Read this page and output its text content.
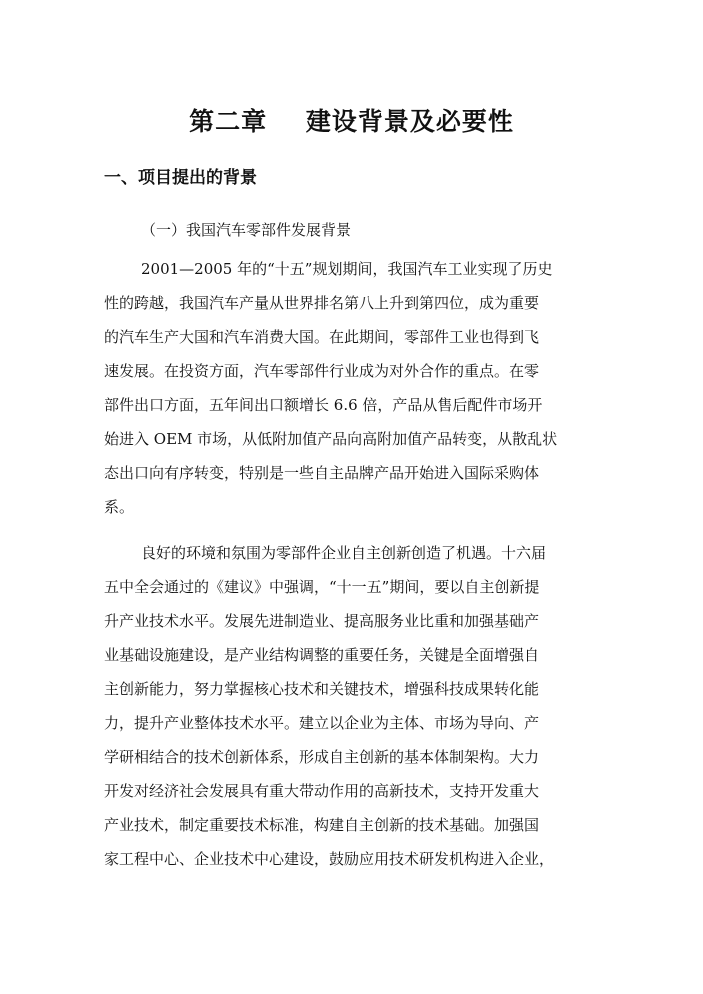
第二章    建设背景及必要性
一、项目提出的背景
（一）我国汽车零部件发展背景
2001—2005 年的“十五”规划期间，我国汽车工业实现了历史
性的跨越，我国汽车产量从世界排名第八上升到第四位，成为重要
的汽车生产大国和汽车消费大国。在此期间，零部件工业也得到飞
速发展。在投资方面，汽车零部件行业成为对外合作的重点。在零
部件出口方面，五年间出口额增长 6.6 倍，产品从售后配件市场开
始进入 OEM 市场，从低附加值产品向高附加值产品转变，从散乱状
态出口向有序转变，特别是一些自主品牌产品开始进入国际采购体
系。
良好的环境和氛围为零部件企业自主创新创造了机遇。十六届
五中全会通过的《建议》中强调，“十一五”期间，要以自主创新提
升产业技术水平。发展先进制造业、提高服务业比重和加强基础产
业基础设施建设，是产业结构调整的重要任务，关键是全面增强自
主创新能力，努力掌握核心技术和关键技术，增强科技成果转化能
力，提升产业整体技术水平。建立以企业为主体、市场为导向、产
学研相结合的技术创新体系，形成自主创新的基本体制架构。大力
开发对经济社会发展具有重大带动作用的高新技术，支持开发重大
产业技术，制定重要技术标准，构建自主创新的技术基础。加强国
家工程中心、企业技术中心建设，鼓励应用技术研发机构进入企业，
